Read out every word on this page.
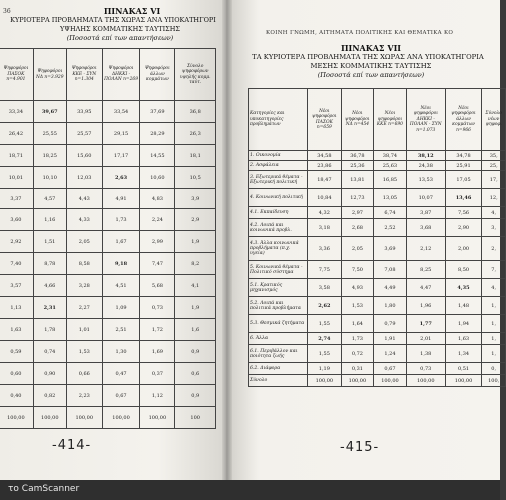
36	ΠΙΝΑΚΑΣ VI
ΚΥΡΙΟΤΕΡΑ ΠΡΟΒΛΗΜΑΤΑ ΤΗΣ ΧΩΡΑΣ ΑΝΑ ΥΠΟΚΑΤΗΓΟΡΙ
ΥΨΗΛΗΣ ΚΟΜΜΑΤΙΚΗΣ ΤΑΥΤΙΣΗΣ
(Ποσοστά επί των απαντήσεων)
Ψηφοφόροι ΠΑΣΟΚ n=4.901	Ψηφοφόροι ΝΔ n=3.929	Ψηφοφόροι ΚΚΕ - ΣΥΝ n=1.304	Ψηφοφόροι ΔΗΚΚΙ - ΠΟΛΑΝ n=269	Ψηφοφόροι άλλων κομμάτων	Σύνολο ψηφοφόρων υψηλής κομμ. ταύτ.
33,34	39,67	33,95	33,54	37,69	36,8
26,42	25,55	25,57	29,15	28,29	26,3
18,71	18,25	15,60	17,17	14,55	18,1
10,01	10,10	12,03	2,63	10,60	10,5
3,37	4,57	4,43	4,91	4,83	3,9
3,60	1,16	4,33	1,73	2,24	2,9
2,92	1,51	2,05	1,67	2,99	1,9
7,40	8,78	8,58	9,18	7,47	8,2
3,57	4,66	3,28	4,51	5,68	4,1
1,13	2,31	2,27	1,09	0,73	1,9
1,63	1,78	1,01	2,51	1,72	1,6
0,59	0,74	1,53	1,30	1,69	0,9
0,60	0,90	0,66	0,47	0,37	0,6
0,40	0,82	2,23	0,67	1,12	0,9
100,00	100,00	100,00	100,00	100,00	100
-414-
ΚΟΙΝΗ ΓΝΩΜΗ, ΑΙΤΗΜΑΤΑ ΠΟΛΙΤΙΚΗΣ ΚΑΙ ΘΕΜΑΤΙΚΑ ΚΟ
ΠΙΝΑΚΑΣ VII
ΤΑ ΚΥΡΙΟΤΕΡΑ ΠΡΟΒΛΗΜΑΤΑ ΤΗΣ ΧΩΡΑΣ ΑΝΑ ΥΠΟΚΑΤΗΓΟΡΙΑ
ΜΕΣΗΣ ΚΟΜΜΑΤΙΚΗΣ ΤΑΥΤΙΣΗΣ
(Ποσοστά επί των απαντήσεων)
Κατηγορίες και υποκατηγορίες προβλημάτων	Νέοι ψηφοφόροι ΠΑΣΟΚ n=659	Νέοι ψηφοφόροι ΝΔ n=454	Νέοι ψηφοφόροι ΚΚΕ n=690	Νέοι ψηφοφόροι ΔΗΚΚΙ - ΠΟΛΑΝ - ΣΥΝ n=1.073	Νέοι ψηφοφόροι άλλων κομμάτων n=966	Σύνολο νέων ψηφοφ.
1. Οικονομία	34,58	36,78	38,74	38,12	34,78	35,
2. Ασφάλεια	23,86	25,36	25,63	24,38	25,91	25,
3. Εξωτερικά θέματα - Εξωτερική πολιτική	18,47	13,81	16,85	13,53	17,05	17,
4. Κοινωνική πολιτική	10,84	12,73	13,05	10,07	13,46	12,
4.1. Εκπαίδευση	4,32	2,97	6,74	3,87	7,56	4,
4.2. Λοιπά και κοινωνικά προβλ.	3,18	2,68	2,52	3,68	2,90	3,
4.3. Άλλα κοινωνικά προβλήματα (π.χ. υγεία)	3,36	2,05	3,69	2,12	2,00	2,
5. Κοινωνικά θέματα - Πολιτικό σύστημα	7,75	7,50	7,08	8,25	8,50	7,
5.1. Κρατικός μηχανισμός	3,58	4,93	4,49	4,47	4,35	4,
5.2. Λοιπά και πολιτικά προβλήματα	2,62	1,53	1,80	1,96	1,48	1,
5.3. Θεσμικά ζητήματα	1,55	1,64	0,79	1,77	1,94	1,
6. Άλλα	2,74	1,73	1,91	2,01	1,63	1,
6.1. Περιβάλλον και ποιότητα ζωής	1,55	0,72	1,24	1,38	1,34	1,
6.2. Διάφορα	1,19	0,31	0,67	0,73	0,51	0,
Σύνολο	100,00	100,00	100,00	100,00	100,00	100,
-415-
το CamScanner
